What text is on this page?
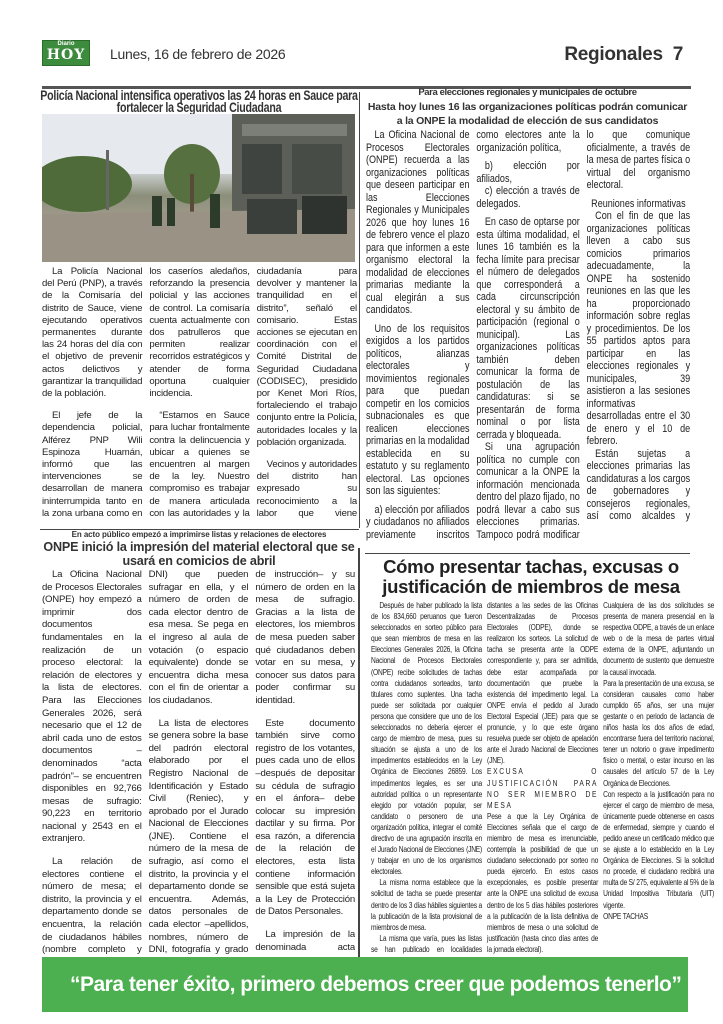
Diario
HOY Lunes, 16 de febrero de 2026	Regionales 7
Policía Nacional intensifica operativos las 24 horas en Sauce para fortalecer la Seguridad Ciudadana

La Policía Nacional del Perú (PNP), a través de la Comisaría del distrito de Sauce, viene ejecutando operativos permanentes durante las 24 horas del día con el objetivo de prevenir actos delictivos y garantizar la tranquilidad de la población.

El jefe de la dependencia policial, Alférez PNP Wili Espinoza Huamán, informó que las intervenciones se desarrollan de manera ininterrumpida tanto en la zona urbana como en los caseríos aledaños, reforzando la presencia policial y las acciones de control. La comisaría cuenta actualmente con dos patrulleros que permiten realizar recorridos estratégicos y atender de forma oportuna cualquier incidencia.

“Estamos en Sauce para luchar frontalmente contra la delincuencia y ubicar a quienes se encuentren al margen de la ley. Nuestro compromiso es trabajar de manera articulada con las autoridades y la ciudadanía para devolver y mantener la tranquilidad en el distrito”, señaló el comisario. Estas acciones se ejecutan en coordinación con el Comité Distrital de Seguridad Ciudadana (CODISEC), presidido por Kenet Mori Ríos, fortaleciendo el trabajo conjunto entre la Policía, autoridades locales y la población organizada.

Vecinos y autoridades del distrito han expresado su reconocimiento a la labor que viene

Para elecciones regionales y municipales de octubre
Hasta hoy lunes 16 las organizaciones políticas podrán comunicar a la ONPE la modalidad de elección de sus candidatos

La Oficina Nacional de Procesos Electorales (ONPE) recuerda a las organizaciones políticas que deseen participar en las Elecciones Regionales y Municipales 2026 que hoy lunes 16 de febrero vence el plazo para que informen a este organismo electoral la modalidad de elecciones primarias mediante la cual elegirán a sus candidatos.

Uno de los requisitos exigidos a los partidos políticos, alianzas electorales y movimientos regionales para que puedan competir en los comicios subnacionales es que realicen elecciones primarias en la modalidad establecida en su estatuto y su reglamento electoral. Las opciones son las siguientes:

a) elección por afiliados y ciudadanos no afiliados previamente inscritos como electores ante la organización política,

b) elección por afiliados,

c) elección a través de delegados.

En caso de optarse por esta última modalidad, el lunes 16 también es la fecha límite para precisar el número de delegados que corresponderá a cada circunscripción electoral y su ámbito de participación (regional o municipal). Las organizaciones políticas también deben comunicar la forma de postulación de las candidaturas: si se presentarán de forma nominal o por lista cerrada y bloqueada.

Si una agrupación política no cumple con comunicar a la ONPE la información mencionada dentro del plazo fijado, no podrá llevar a cabo sus elecciones primarias. Tampoco podrá modificar lo que comunique oficialmente, a través de la mesa de partes física o virtual del organismo electoral.

Reuniones informativas

Con el fin de que las organizaciones políticas lleven a cabo sus comicios primarios adecuadamente, la ONPE ha sostenido reuniones en las que les ha proporcionado información sobre reglas y procedimientos. De los 55 partidos aptos para participar en las elecciones regionales y municipales, 39 asistieron a las sesiones informativas desarrolladas entre el 30 de enero y el 10 de febrero.

Están sujetas a elecciones primarias las candidaturas a los cargos de gobernadores y consejeros regionales, así como alcaldes y

En acto público empezó a imprimirse listas y relaciones de electores
ONPE inició la impresión del material electoral que se usará en comicios de abril

La Oficina Nacional de Procesos Electorales (ONPE) hoy empezó a imprimir dos documentos fundamentales en la realización de un proceso electoral: la relación de electores y la lista de electores. Para las Elecciones Generales 2026, será necesario que el 12 de abril cada uno de estos documentos –denominados “acta padrón”– se encuentren disponibles en 92,766 mesas de sufragio: 90,223 en territorio nacional y 2543 en el extranjero.

La relación de electores contiene el número de mesa; el distrito, la provincia y el departamento donde se encuentra, la relación de ciudadanos hábiles (nombre completo y DNI) que pueden sufragar en ella, y el número de orden de cada elector dentro de esa mesa. Se pega en el ingreso al aula de votación (o espacio equivalente) donde se encuentra dicha mesa con el fin de orientar a los ciudadanos.

La lista de electores se genera sobre la base del padrón electoral elaborado por el Registro Nacional de Identificación y Estado Civil (Reniec), y aprobado por el Jurado Nacional de Elecciones (JNE). Contiene el número de la mesa de sufragio, así como el distrito, la provincia y el departamento donde se encuentra. Además, datos personales de cada elector –apellidos, nombres, número de DNI, fotografía y grado de instrucción– y su número de orden en la mesa de sufragio. Gracias a la lista de electores, los miembros de mesa pueden saber qué ciudadanos deben votar en su mesa, y conocer sus datos para poder confirmar su identidad.

Este documento también sirve como registro de los votantes, pues cada uno de ellos –después de depositar su cédula de sufragio en el ánfora– debe colocar su impresión dactilar y su firma. Por esa razón, a diferencia de la relación de electores, esta lista contiene información sensible que está sujeta a la Ley de Protección de Datos Personales.

La impresión de la denominada acta

Cómo presentar tachas, excusas o justificación de miembros de mesa

Después de haber publicado la lista de los 834,660 peruanos que fueron seleccionados en sorteo público para que sean miembros de mesa en las Elecciones Generales 2026, la Oficina Nacional de Procesos Electorales (ONPE) recibe solicitudes de tachas contra ciudadanos sorteados, tanto titulares como suplentes. Una tacha puede ser solicitada por cualquier persona que considere que uno de los seleccionados no debería ejercer el cargo de miembro de mesa, pues su situación se ajusta a uno de los impedimentos establecidos en la Ley Orgánica de Elecciones 26859. Los impedimentos legales, es ser una autoridad política o un representante elegido por votación popular, ser candidato o personero de una organización política, integrar el comité directivo de una agrupación inscrita en el Jurado Nacional de Elecciones (JNE) y trabajar en uno de los organismos electorales.

La misma norma establece que la solicitud de tacha se puede presentar dentro de los 3 días hábiles siguientes a la publicación de la lista provisional de miembros de mesa.

La misma que varía, pues las listas se han publicado en localidades distantes a las sedes de las Oficinas Descentralizadas de Procesos Electorales (ODPE), donde se realizaron los sorteos. La solicitud de tacha se presenta ante la ODPE correspondiente y, para ser admitida, debe estar acompañada por documentación que pruebe la existencia del impedimento legal. La ONPE envía el pedido al Jurado Electoral Especial (JEE) para que se pronuncie, y lo que este órgano resuelva puede ser objeto de apelación ante el Jurado Nacional de Elecciones (JNE).

EXCUSA O JUSTIFICACIÓN PARA NO SER MIEMBRO DE MESA

Pese a que la Ley Orgánica de Elecciones señala que el cargo de miembro de mesa es irrenunciable, contempla la posibilidad de que un ciudadano seleccionado por sorteo no pueda ejercerlo. En estos casos excepcionales, es posible presentar ante la ONPE una solicitud de excusa dentro de los 5 días hábiles posteriores a la publicación de la lista definitiva de miembros de mesa o una solicitud de justificación (hasta cinco días antes de la jornada electoral).

Cualquiera de las dos solicitudes se presenta de manera presencial en la respectiva ODPE, a través de un enlace web o de la mesa de partes virtual externa de la ONPE, adjuntando un documento de sustento que demuestre la causal invocada.

Para la presentación de una excusa, se consideran causales como haber cumplido 65 años, ser una mujer gestante o en periodo de lactancia de niños hasta los dos años de edad, encontrarse fuera del territorio nacional, tener un notorio o grave impedimento físico o mental, o estar incurso en las causales del artículo 57 de la Ley Orgánica de Elecciones.

Con respecto a la justificación para no ejercer el cargo de miembro de mesa, únicamente puede obtenerse en casos de enfermedad, siempre y cuando el pedido anexe un certificado médico que se ajuste a lo establecido en la Ley Orgánica de Elecciones. Si la solicitud no procede, el ciudadano recibirá una multa de S/ 275, equivalente al 5% de la Unidad Impositiva Tributaria (UIT) vigente.

ONPE TACHAS

“Para tener éxito, primero debemos creer que podemos tenerlo”
